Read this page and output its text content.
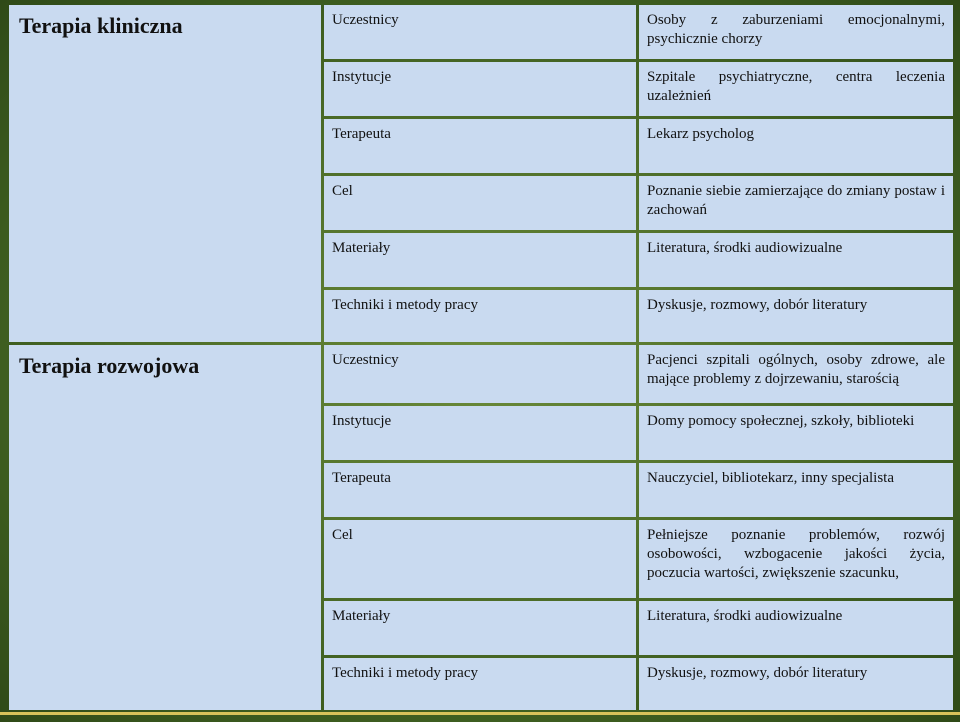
Terapia kliniczna	Uczestnicy	Osoby z zaburzeniami emocjonalnymi, psychicznie chorzy
Instytucje	Szpitale psychiatryczne, centra leczenia uzależnień
Terapeuta	Lekarz psycholog
Cel	Poznanie siebie zamierzające do zmiany postaw i zachowań
Materiały	Literatura, środki audiowizualne
Techniki i metody pracy	Dyskusje, rozmowy, dobór literatury
Terapia rozwojowa	Uczestnicy	Pacjenci szpitali ogólnych, osoby zdrowe, ale mające problemy z dojrzewaniu, starością
Instytucje	Domy pomocy społecznej, szkoły, biblioteki
Terapeuta	Nauczyciel, bibliotekarz, inny specjalista
Cel	Pełniejsze poznanie problemów, rozwój osobowości, wzbogacenie jakości życia, poczucia wartości, zwiększenie szacunku,
Materiały	Literatura, środki audiowizualne
Techniki i metody pracy	Dyskusje, rozmowy, dobór literatury
